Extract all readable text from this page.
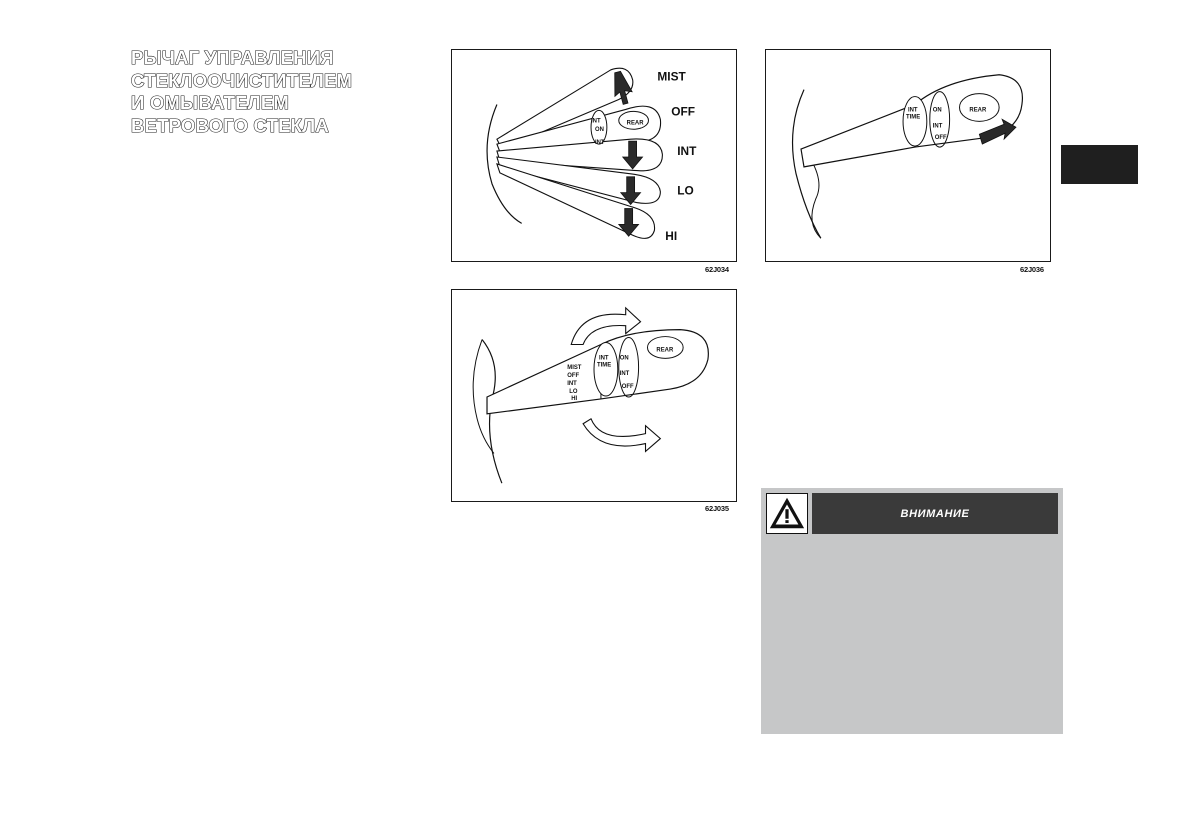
РЫЧАГ УПРАВЛЕНИЯ
СТЕКЛООЧИСТИТЕЛЕМ
И ОМЫВАТЕЛЕМ
ВЕТРОВОГО СТЕКЛА	INT
ON
INT
REAR
MIST
OFF
INT
LO
HI
62J034
INT
TIME
ON
INT
OFF
REAR
MIST
OFF
INT
LO
HI
62J035
INT
TIME
ON
INT
OFF
REAR
62J036
ВНИМАНИЕ
